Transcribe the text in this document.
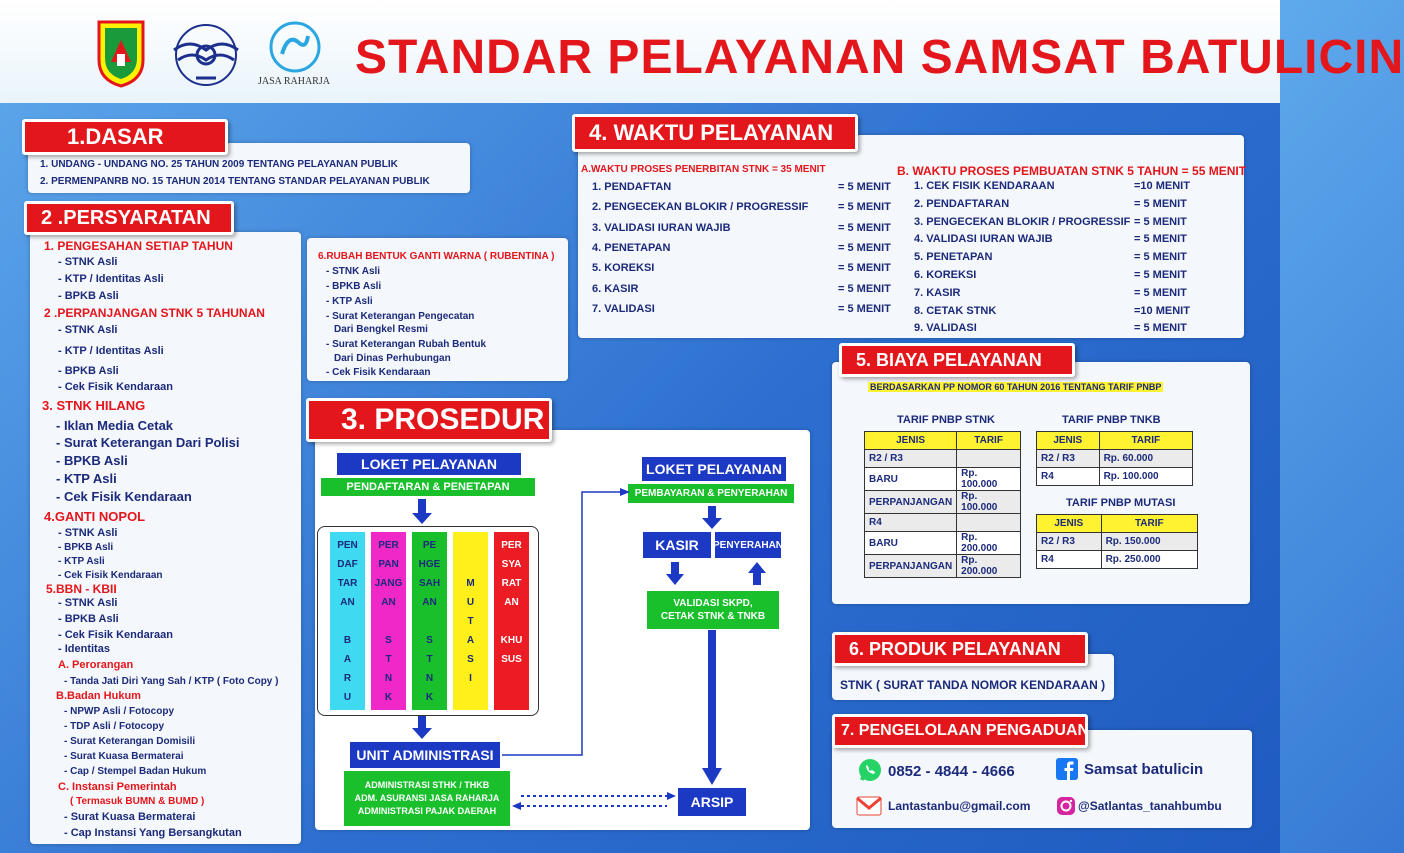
JASA RAHARJA STANDAR PELAYANAN SAMSAT BATULICIN
1.DASAR
1. UNDANG - UNDANG NO. 25 TAHUN 2009 TENTANG PELAYANAN PUBLIK
2. PERMENPANRB NO. 15 TAHUN 2014 TENTANG STANDAR PELAYANAN PUBLIK
2 .PERSYARATAN
1. PENGESAHAN SETIAP TAHUN
- STNK Asli
- KTP / Identitas Asli
- BPKB Asli
2 .PERPANJANGAN STNK 5 TAHUNAN
- STNK Asli
- KTP / Identitas Asli
- BPKB Asli
- Cek Fisik Kendaraan
3. STNK HILANG
- Iklan Media Cetak
- Surat Keterangan Dari Polisi
- BPKB Asli
- KTP Asli
- Cek Fisik Kendaraan
4.GANTI NOPOL
- STNK Asli
- BPKB Asli
- KTP Asli
- Cek Fisik Kendaraan
5.BBN - KBII
- STNK Asli
- BPKB Asli
- Cek Fisik Kendaraan
- Identitas
A. Perorangan
- Tanda Jati Diri Yang Sah / KTP ( Foto Copy )
B.Badan Hukum
- NPWP Asli / Fotocopy
- TDP Asli / Fotocopy
- Surat Keterangan Domisili
- Surat Kuasa Bermaterai
- Cap / Stempel Badan Hukum
C. Instansi Pemerintah
( Termasuk BUMN & BUMD )
- Surat Kuasa Bermaterai
- Cap Instansi Yang Bersangkutan
6.RUBAH BENTUK GANTI WARNA ( RUBENTINA )
- STNK Asli
- BPKB Asli
- KTP Asli
- Surat Keterangan Pengecatan
Dari Bengkel Resmi
- Surat Keterangan Rubah Bentuk
Dari Dinas Perhubungan
- Cek Fisik Kendaraan
3. PROSEDUR
LOKET PELAYANAN
PENDAFTARAN & PENETAPAN
PEN
DAF
TAR
AN
B
A
R
U
PER
PAN
JANG
AN
S
T
N
K
PE
HGE
SAH
AN
S
T
N
K
M
U
T
A
S
I
PER
SYA
RAT
AN
KHU
SUS
UNIT ADMINISTRASI
ADMINISTRASI STHK / THKB
ADM. ASURANSI JASA RAHARJA
ADMINISTRASI PAJAK DAERAH
LOKET PELAYANAN
PEMBAYARAN & PENYERAHAN
KASIR	PENYERAHAN
VALIDASI SKPD,
CETAK STNK & TNKB
ARSIP
4. WAKTU PELAYANAN
A.WAKTU PROSES PENERBITAN STNK = 35 MENIT	B. WAKTU PROSES PEMBUATAN STNK 5 TAHUN = 55 MENIT
1. PENDAFTAN	= 5 MENIT
2. PENGECEKAN BLOKIR / PROGRESSIF	= 5 MENIT
3. VALIDASI IURAN WAJIB	= 5 MENIT
4. PENETAPAN	= 5 MENIT
5. KOREKSI	= 5 MENIT
6. KASIR	= 5 MENIT
7. VALIDASI	= 5 MENIT
1. CEK FISIK KENDARAAN	=10 MENIT
2. PENDAFTARAN	= 5 MENIT
3. PENGECEKAN BLOKIR / PROGRESSIF = 5 MENIT
4. VALIDASI IURAN WAJIB	= 5 MENIT
5. PENETAPAN	= 5 MENIT
6. KOREKSI	= 5 MENIT
7. KASIR	= 5 MENIT
8. CETAK STNK	=10 MENIT
9. VALIDASI	= 5 MENIT
5. BIAYA PELAYANAN
BERDASARKAN PP NOMOR 60 TAHUN 2016 TENTANG TARIF PNBP
TARIF PNBP STNK
JENIS	TARIF
R2 / R3	
BARU	Rp. 100.000
PERPANJANGAN	Rp. 100.000
R4	
BARU	Rp. 200.000
PERPANJANGAN	Rp. 200.000
TARIF PNBP TNKB
JENIS	TARIF
R2 / R3	Rp. 60.000
R4	Rp. 100.000
TARIF PNBP MUTASI
JENIS	TARIF
R2 / R3	Rp. 150.000
R4	Rp. 250.000
6. PRODUK PELAYANAN
STNK ( SURAT TANDA NOMOR KENDARAAN )
7. PENGELOLAAN PENGADUAN
0852 - 4844 - 4666	Samsat batulicin
Lantastanbu@gmail.com	@Satlantas_tanahbumbu
